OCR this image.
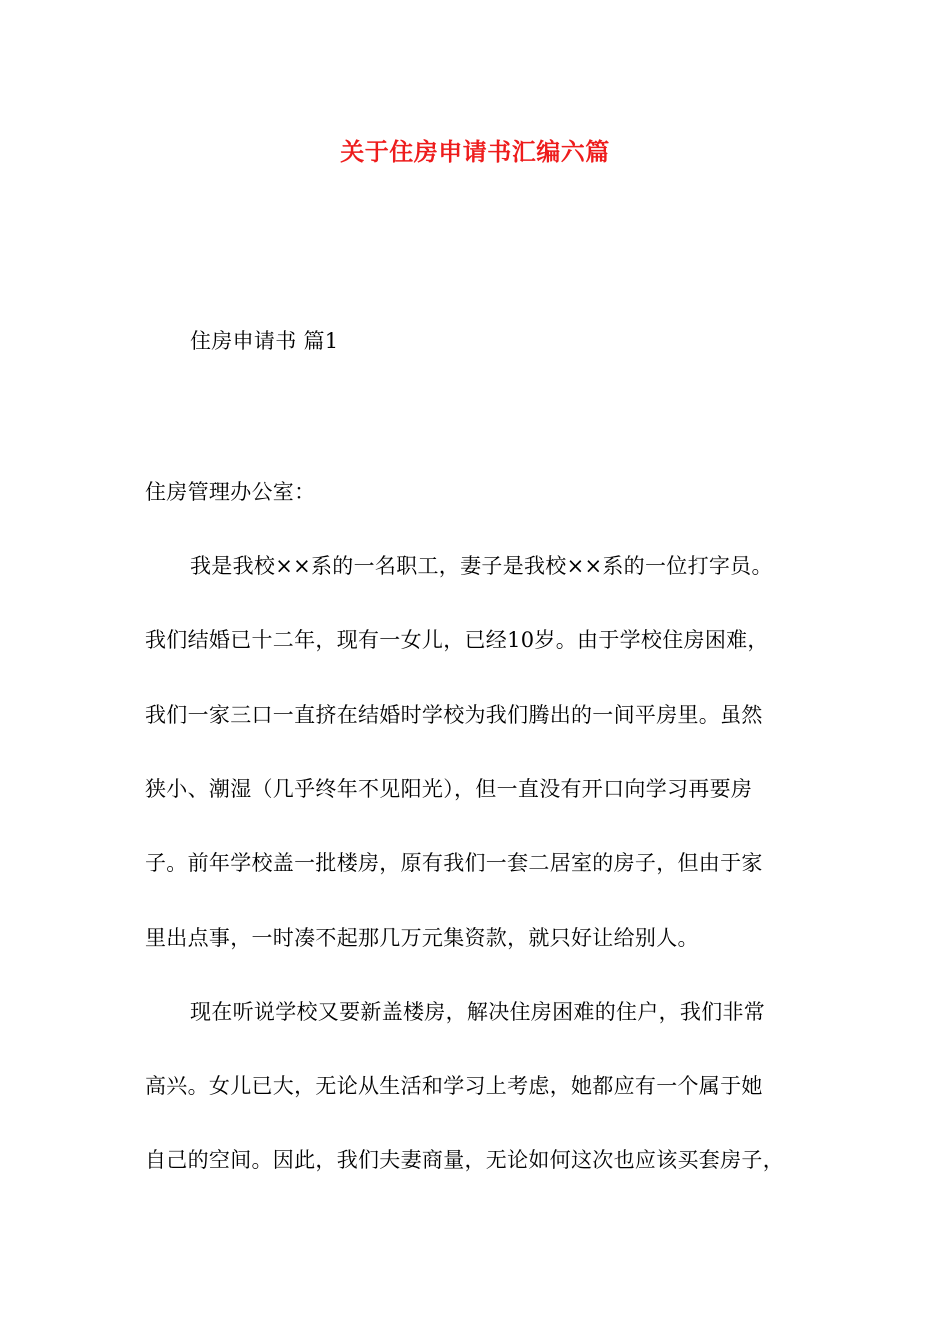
关于住房申请书汇编六篇
住房申请书 篇1
住房管理办公室：
我是我校××系的一名职工，妻子是我校××系的一位打字员。
我们结婚已十二年，现有一女儿，已经10岁。由于学校住房困难，
我们一家三口一直挤在结婚时学校为我们腾出的一间平房里。虽然
狭小、潮湿（几乎终年不见阳光），但一直没有开口向学习再要房
子。前年学校盖一批楼房，原有我们一套二居室的房子，但由于家
里出点事，一时凑不起那几万元集资款，就只好让给别人。
现在听说学校又要新盖楼房，解决住房困难的住户，我们非常
高兴。女儿已大，无论从生活和学习上考虑，她都应有一个属于她
自己的空间。因此，我们夫妻商量，无论如何这次也应该买套房子，
